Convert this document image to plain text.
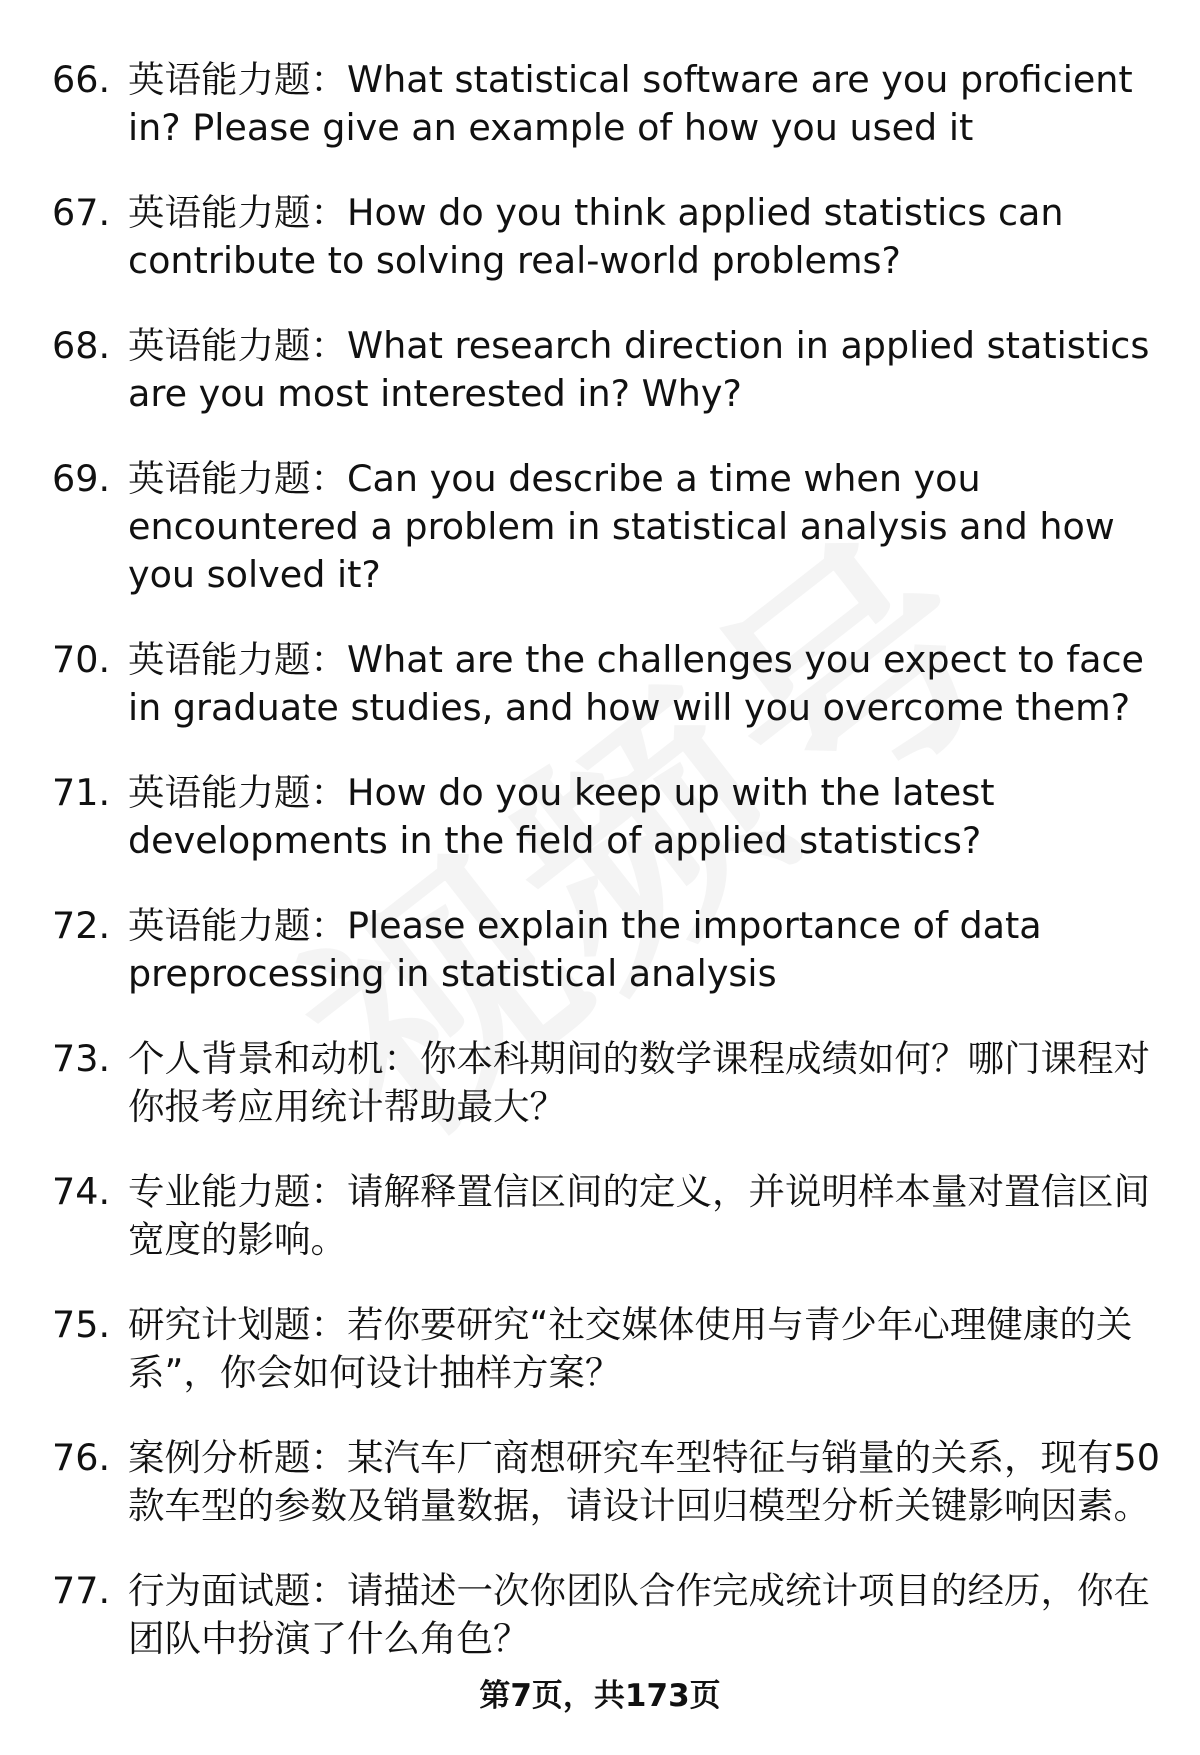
66. 英语能力题：What statistical software are you proficient in? Please give an example of how you used it
67. 英语能力题：How do you think applied statistics can contribute to solving real-world problems?
68. 英语能力题：What research direction in applied statistics are you most interested in? Why?
69. 英语能力题：Can you describe a time when you encountered a problem in statistical analysis and how you solved it?
70. 英语能力题：What are the challenges you expect to face in graduate studies, and how will you overcome them?
71. 英语能力题：How do you keep up with the latest developments in the field of applied statistics?
72. 英语能力题：Please explain the importance of data preprocessing in statistical analysis
73. 个人背景和动机：你本科期间的数学课程成绩如何？哪门课程对你报考应用统计帮助最大？
74. 专业能力题：请解释置信区间的定义，并说明样本量对置信区间宽度的影响。
75. 研究计划题：若你要研究“社交媒体使用与青少年心理健康的关系”，你会如何设计抽样方案？
76. 案例分析题：某汽车厂商想研究车型特征与销量的关系，现有50款车型的参数及销量数据，请设计回归模型分析关键影响因素。
77. 行为面试题：请描述一次你团队合作完成统计项目的经历，你在团队中扮演了什么角色？
第7页，共173页
